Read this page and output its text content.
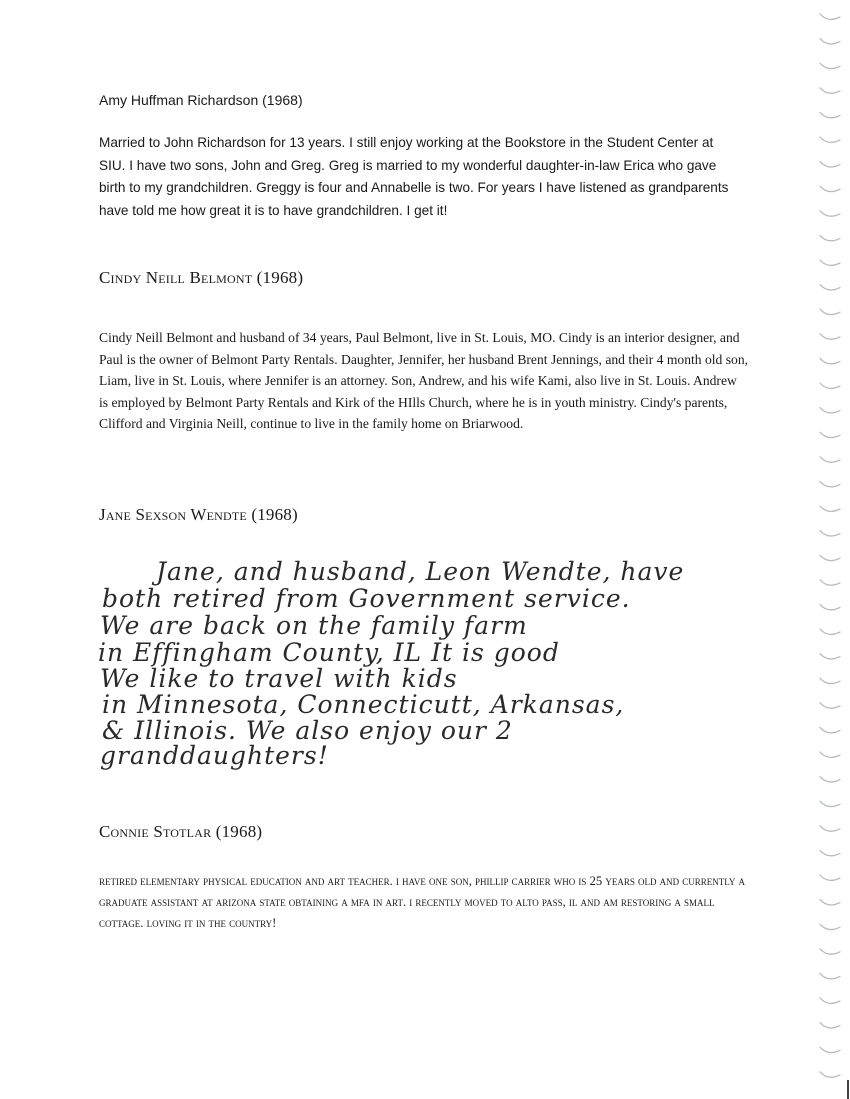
Amy Huffman Richardson (1968)
Married to John Richardson for 13 years. I still enjoy working at the Bookstore in the Student Center at SIU. I have two sons, John and Greg. Greg is married to my wonderful daughter-in-law Erica who gave birth to my grandchildren. Greggy is four and Annabelle is two. For years I have listened as grandparents have told me how great it is to have grandchildren. I get it!
Cindy Neill Belmont (1968)
Cindy Neill Belmont and husband of 34 years, Paul Belmont, live in St. Louis, MO. Cindy is an interior designer, and Paul is the owner of Belmont Party Rentals. Daughter, Jennifer, her husband Brent Jennings, and their 4 month old son, Liam, live in St. Louis, where Jennifer is an attorney. Son, Andrew, and his wife Kami, also live in St. Louis. Andrew is employed by Belmont Party Rentals and Kirk of the HIlls Church, where he is in youth ministry. Cindy's parents, Clifford and Virginia Neill, continue to live in the family home on Briarwood.
Jane Sexson Wendte (1968)
Jane, and husband, Leon Wendte, have
both retired from Government service.
We are back on the family farm
in Effingham County, IL It is good
We like to travel with kids
in Minnesota, Connecticutt, Arkansas,
& Illinois. We also enjoy our 2
granddaughters!
Connie Stotlar (1968)
retired elementary physical education and art teacher. i have one son, phillip carrier who is 25 years old and currently a graduate assistant at arizona state obtaining a mfa in art. i recently moved to alto pass, il and am restoring a small cottage. loving it in the country!
